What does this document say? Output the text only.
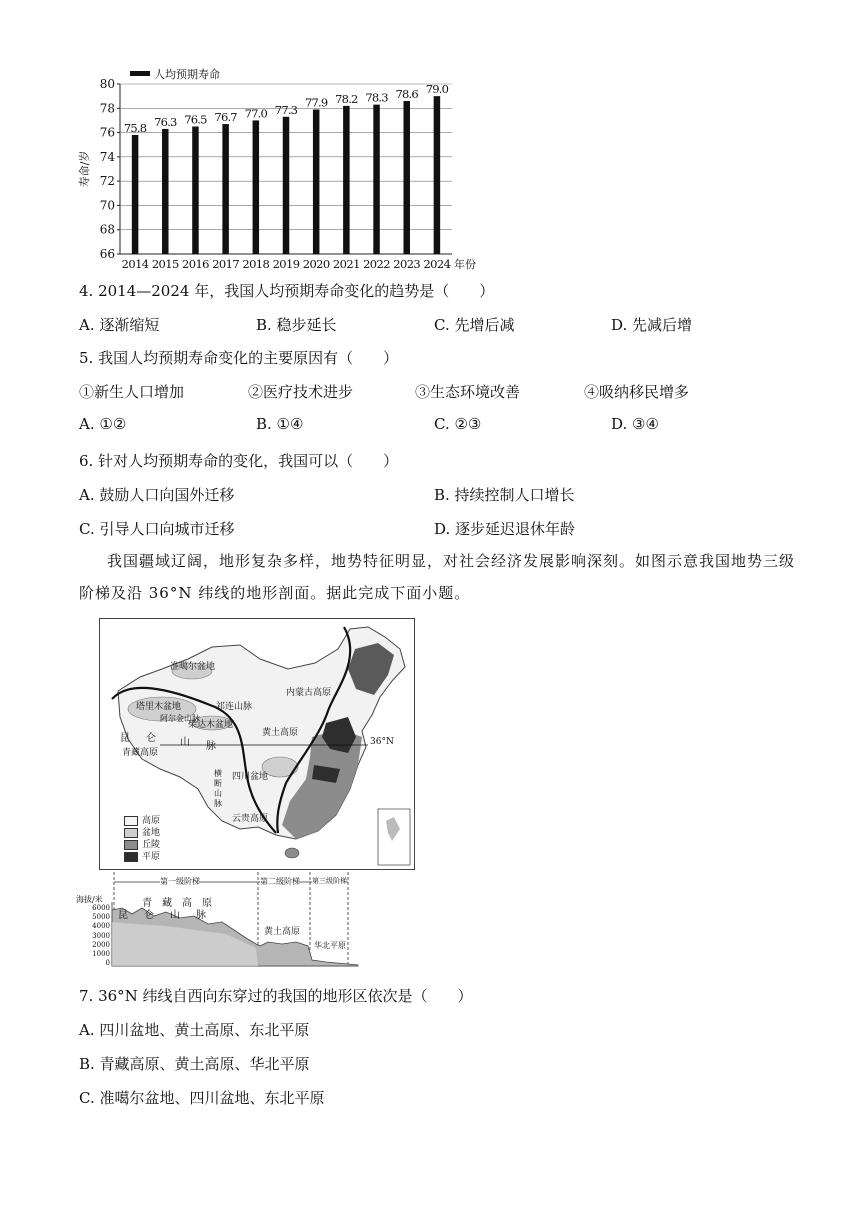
66
68
70
72
74
76
78
80
寿命/岁
75.8
2014
76.3
2015
76.5
2016
76.7
2017
77.0
2018
77.3
2019
77.9
2020
78.2
2021
78.3
2022
78.6
2023
79.0
2024 年份
人均预期寿命
4. 2014—2024 年，我国人均预期寿命变化的趋势是（　　）
A. 逐渐缩短	B. 稳步延长	C. 先增后减	D. 先减后增
5. 我国人均预期寿命变化的主要原因有（　　）
①新生人口增加	②医疗技术进步	③生态环境改善	④吸纳移民增多
A. ①②	B. ①④	C. ②③	D. ③④
6. 针对人均预期寿命的变化，我国可以（　　）
A. 鼓励人口向国外迁移	B. 持续控制人口增长
C. 引导人口向城市迁移	D. 逐步延迟退休年龄
我国疆域辽阔，地形复杂多样，地势特征明显，对社会经济发展影响深刻。如图示意我国地势三级阶梯及沿 36°N 纬线的地形剖面。据此完成下面小题。
准噶尔盆地
塔里木盆地
阿尔金山脉
祁连山脉
柴达木盆地
昆 仑 山 脉
青藏高原
内蒙古高原
黄土高原
四川盆地
云贵高原
36°N
横断山脉
高原
盆地
丘陵
平原
海拔/米
6000
5000
4000
3000
2000
1000
0
第一级阶梯	第二级阶梯 第三级阶梯
青藏高原
昆仑山脉
黄土高原
华北平原
7. 36°N 纬线自西向东穿过的我国的地形区依次是（　　）
A. 四川盆地、黄土高原、东北平原
B. 青藏高原、黄土高原、华北平原
C. 准噶尔盆地、四川盆地、东北平原
